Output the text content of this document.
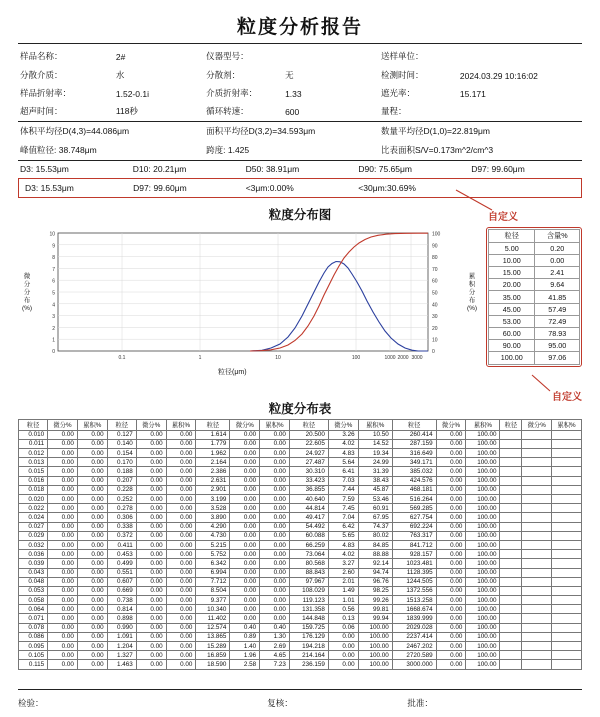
粒度分析报告
样品名称：	2#	仪器型号：		送样单位：	
分散介质：	水	分散剂：	无	检测时间：	2024.03.29 10:16:02
样品折射率：	1.52-0.1i	介质折射率：	1.33	遮光率：	15.171
超声时间：	118秒	循环转速：	600	量程：	

体积平均径D(4,3)=44.086μm	面积平均径D(3,2)=34.593μm	数量平均径D(1,0)=22.819μm
峰值粒径: 38.748μm	跨度: 1.425	比表面积S/V=0.173m^2/cm^3
D3: 15.53μm	D10: 20.21μm	D50: 38.91μm	D90: 75.65μm	D97: 99.60μm
D3: 15.53μm	D97: 99.60μm	<3μm:0.00%	<30μm:30.69%
自定义
粒度分布图
微
分
分
布
(%)
累
积
分
布
(%)
10
9
8
7
6
5
4
3
2
1
0
100
90
80
70
60
50
40
30
20
10
0
0.1	1	10	100	1000 2000 3000
粒径(μm)
粒径	含量%
5.00	0.20
10.00	0.00
15.00	2.41
20.00	9.64
35.00	41.85
45.00	57.49
53.00	72.49
60.00	78.93
90.00	95.00
100.00	97.06
自定义
粒度分布表
粒径	微分%	累积%	粒径	微分%	累积%	粒径	微分%	累积%	粒径	微分%	累积%	粒径	微分%	累积%	粒径	微分%	累积%
0.010	0.00	0.00	0.127	0.00	0.00	1.614	0.00	0.00	20.500	3.26	10.50	260.414	0.00	100.00			
0.011	0.00	0.00	0.140	0.00	0.00	1.779	0.00	0.00	22.605	4.02	14.52	287.159	0.00	100.00			
0.012	0.00	0.00	0.154	0.00	0.00	1.962	0.00	0.00	24.927	4.83	19.34	316.649	0.00	100.00			
0.013	0.00	0.00	0.170	0.00	0.00	2.164	0.00	0.00	27.487	5.64	24.99	349.171	0.00	100.00			
0.015	0.00	0.00	0.188	0.00	0.00	2.386	0.00	0.00	30.310	6.41	31.39	385.032	0.00	100.00			
0.016	0.00	0.00	0.207	0.00	0.00	2.631	0.00	0.00	33.423	7.03	38.43	424.576	0.00	100.00			
0.018	0.00	0.00	0.228	0.00	0.00	2.901	0.00	0.00	36.855	7.44	45.87	468.181	0.00	100.00			
0.020	0.00	0.00	0.252	0.00	0.00	3.199	0.00	0.00	40.640	7.59	53.46	516.264	0.00	100.00			
0.022	0.00	0.00	0.278	0.00	0.00	3.528	0.00	0.00	44.814	7.45	60.91	569.285	0.00	100.00			
0.024	0.00	0.00	0.306	0.00	0.00	3.890	0.00	0.00	49.417	7.04	67.95	627.754	0.00	100.00			
0.027	0.00	0.00	0.338	0.00	0.00	4.290	0.00	0.00	54.492	6.42	74.37	692.224	0.00	100.00			
0.029	0.00	0.00	0.372	0.00	0.00	4.730	0.00	0.00	60.088	5.65	80.02	763.317	0.00	100.00			
0.032	0.00	0.00	0.411	0.00	0.00	5.215	0.00	0.00	66.259	4.83	84.85	841.712	0.00	100.00			
0.036	0.00	0.00	0.453	0.00	0.00	5.752	0.00	0.00	73.064	4.02	88.88	928.157	0.00	100.00			
0.039	0.00	0.00	0.499	0.00	0.00	6.342	0.00	0.00	80.568	3.27	92.14	1023.481	0.00	100.00			
0.043	0.00	0.00	0.551	0.00	0.00	6.994	0.00	0.00	88.843	2.60	94.74	1128.395	0.00	100.00			
0.048	0.00	0.00	0.607	0.00	0.00	7.712	0.00	0.00	97.967	2.01	96.76	1244.505	0.00	100.00			
0.053	0.00	0.00	0.669	0.00	0.00	8.504	0.00	0.00	108.029	1.49	98.25	1372.556	0.00	100.00			
0.058	0.00	0.00	0.738	0.00	0.00	9.377	0.00	0.00	119.123	1.01	99.26	1513.258	0.00	100.00			
0.064	0.00	0.00	0.814	0.00	0.00	10.340	0.00	0.00	131.358	0.56	99.81	1668.674	0.00	100.00			
0.071	0.00	0.00	0.898	0.00	0.00	11.402	0.00	0.00	144.848	0.13	99.94	1839.999	0.00	100.00			
0.078	0.00	0.00	0.990	0.00	0.00	12.574	0.40	0.40	159.725	0.06	100.00	2029.028	0.00	100.00			
0.086	0.00	0.00	1.091	0.00	0.00	13.865	0.89	1.30	176.129	0.00	100.00	2237.414	0.00	100.00			
0.095	0.00	0.00	1.204	0.00	0.00	15.289	1.40	2.69	194.218	0.00	100.00	2467.202	0.00	100.00			
0.105	0.00	0.00	1.327	0.00	0.00	16.859	1.96	4.65	214.164	0.00	100.00	2720.589	0.00	100.00			
0.115	0.00	0.00	1.463	0.00	0.00	18.590	2.58	7.23	236.159	0.00	100.00	3000.000	0.00	100.00			
检验：	复核：	批准：
